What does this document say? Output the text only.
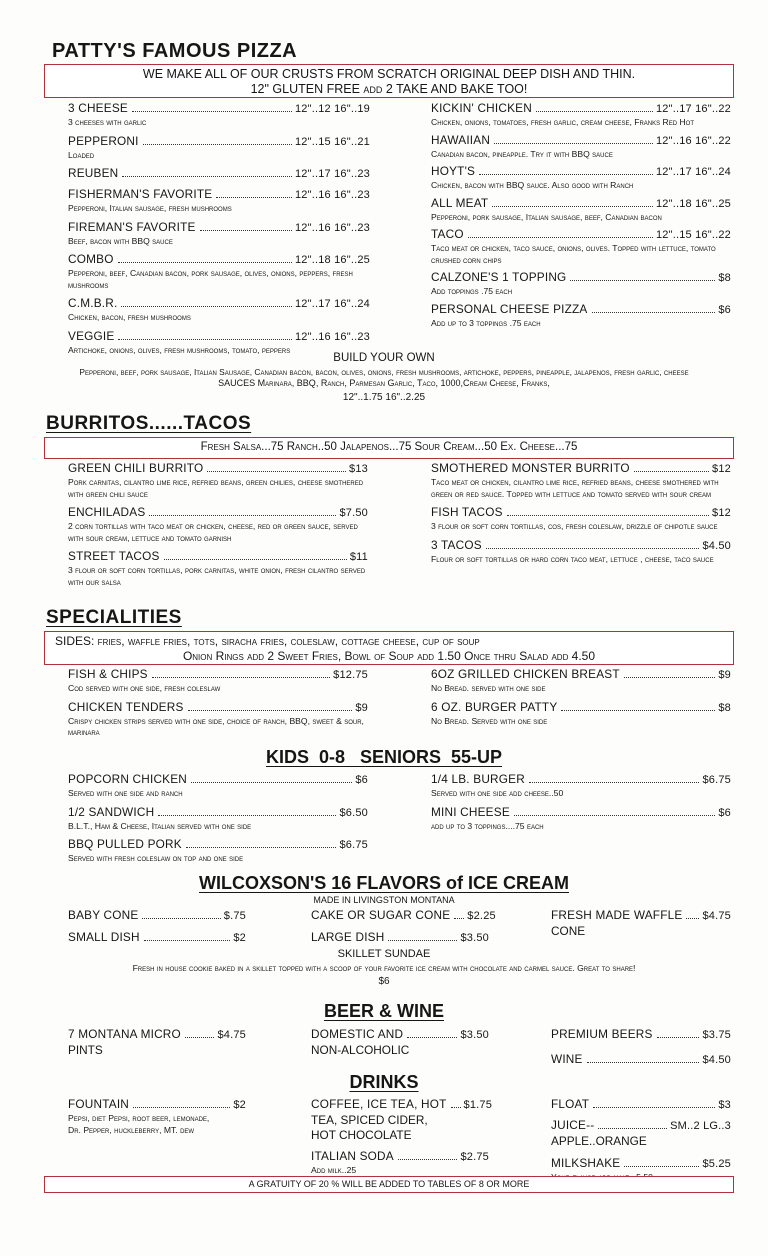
PATTY'S FAMOUS PIZZA
WE MAKE ALL OF OUR CRUSTS FROM SCRATCH ORIGINAL DEEP DISH AND THIN.
12" GLUTEN FREE add 2 TAKE AND BAKE TOO!
3 CHEESE	12"..12 16"..19
3 cheeses with garlic
PEPPERONI	12"..15 16"..21
Loaded
REUBEN	12"..17 16"..23
FISHERMAN'S FAVORITE	12"..16 16"..23
Pepperoni, Italian sausage, fresh mushrooms
FIREMAN'S FAVORITE	12"..16 16"..23
Beef, bacon with BBQ sauce
COMBO	12"..18 16"..25
Pepperoni, beef, Canadian bacon, pork sausage, olives, onions, peppers, fresh mushrooms
C.M.B.R.	12"..17 16"..24
Chicken, bacon, fresh mushrooms
VEGGIE	12"..16 16"..23
Artichoke, onions, olives, fresh mushrooms, tomato, peppers
KICKIN' CHICKEN	12"..17 16"..22
Chicken, onions, tomatoes, fresh garlic, cream cheese, Franks Red Hot
HAWAIIAN	12"..16 16"..22
Canadian bacon, pineapple. Try it with BBQ sauce
HOYT'S	12"..17 16"..24
Chicken, bacon with BBQ sauce. Also good with Ranch
ALL MEAT	12"..18 16"..25
Pepperoni, pork sausage, Italian sausage, beef, Canadian bacon
TACO	12"..15 16"..22
Taco meat or chicken, taco sauce, onions, olives. Topped with lettuce, tomato crushed corn chips
CALZONE'S 1 TOPPING	$8
Add toppings .75 each
PERSONAL CHEESE PIZZA	$6
Add up to 3 toppings .75 each
BUILD YOUR OWN
Pepperoni, beef, pork sausage, Italian Sausage, Canadian bacon, bacon, olives, onions, fresh mushrooms, artichoke, peppers, pineapple, jalapenos, fresh garlic, cheese
SAUCES Marinara, BBQ, Ranch, Parmesan Garlic, Taco, 1000,Cream Cheese, Franks,
12"..1.75 16"..2.25
BURRITOS......TACOS
Fresh Salsa...75 Ranch..50 Jalapenos...75 Sour Cream...50 Ex. Cheese...75
GREEN CHILI BURRITO	$13
Pork carnitas, cilantro lime rice, refried beans, green chilies, cheese smothered with green chili sauce
ENCHILADAS	$7.50
2 corn tortillas with taco meat or chicken, cheese, red or green sauce, served with sour cream, lettuce and tomato garnish
STREET TACOS	$11
3 flour or soft corn tortillas, pork carnitas, white onion, fresh cilantro served with our salsa
SMOTHERED MONSTER BURRITO	$12
Taco meat or chicken, cilantro lime rice, refried beans, cheese smothered with green or red sauce. Topped with lettuce and tomato served with sour cream
FISH TACOS	$12
3 flour or soft corn tortillas, cos, fresh coleslaw, drizzle of chipotle sauce
3 TACOS	$4.50
Flour or soft tortillas or hard corn taco meat, lettuce , cheese, taco sauce
SPECIALITIES
SIDES: fries, waffle fries, tots, siracha fries, coleslaw, cottage cheese, cup of soup
Onion Rings add 2 Sweet Fries, Bowl of Soup add 1.50 Once thru Salad add 4.50
FISH & CHIPS	$12.75
Cod served with one side, fresh coleslaw
CHICKEN TENDERS	$9
Crispy chicken strips served with one side, choice of ranch, BBQ, sweet & sour, marinara
6OZ GRILLED CHICKEN BREAST	$9
No Bread. served with one side
6 OZ. BURGER PATTY	$8
No Bread. Served with one side
KIDS  0-8   SENIORS  55-UP
POPCORN CHICKEN	$6
Served with one side and ranch
1/2 SANDWICH	$6.50
B.L.T., Ham & Cheese, Italian served with one side
BBQ PULLED PORK	$6.75
Served with fresh coleslaw on top and one side
1/4 LB. BURGER	$6.75
Served with one side add cheese..50
MINI CHEESE	$6
add up to 3 toppings....75 each
WILCOXSON'S 16 FLAVORS of ICE CREAM
MADE IN LIVINGSTON MONTANA
BABY CONE	$.75
SMALL DISH	$2
CAKE OR SUGAR CONE $2.25
LARGE DISH	$3.50
FRESH MADE WAFFLE $4.75
CONE
SKILLET SUNDAE
Fresh in house cookie baked in a skillet topped with a scoop of your favorite ice cream with chocolate and carmel sauce. Great to share!
$6
BEER & WINE
7 MONTANA MICRO	$4.75
PINTS
DOMESTIC AND	$3.50
NON-ALCOHOLIC
PREMIUM BEERS	$3.75
WINE	$4.50
DRINKS
FOUNTAIN	$2
Pepsi, diet Pepsi, root beer, lemonade, Dr. Pepper, huckleberry, MT. dew
COFFEE, ICE TEA, HOT $1.75
TEA, SPICED CIDER,
HOT CHOCOLATE
ITALIAN SODA	$2.75
Add milk..25
FLOAT	$3
JUICE--	SM..2 LG..3
APPLE..ORANGE
MILKSHAKE	$5.25
A GRATUITY OF 20 % WILL BE ADDED TO TABLES OF 8 OR MORE
